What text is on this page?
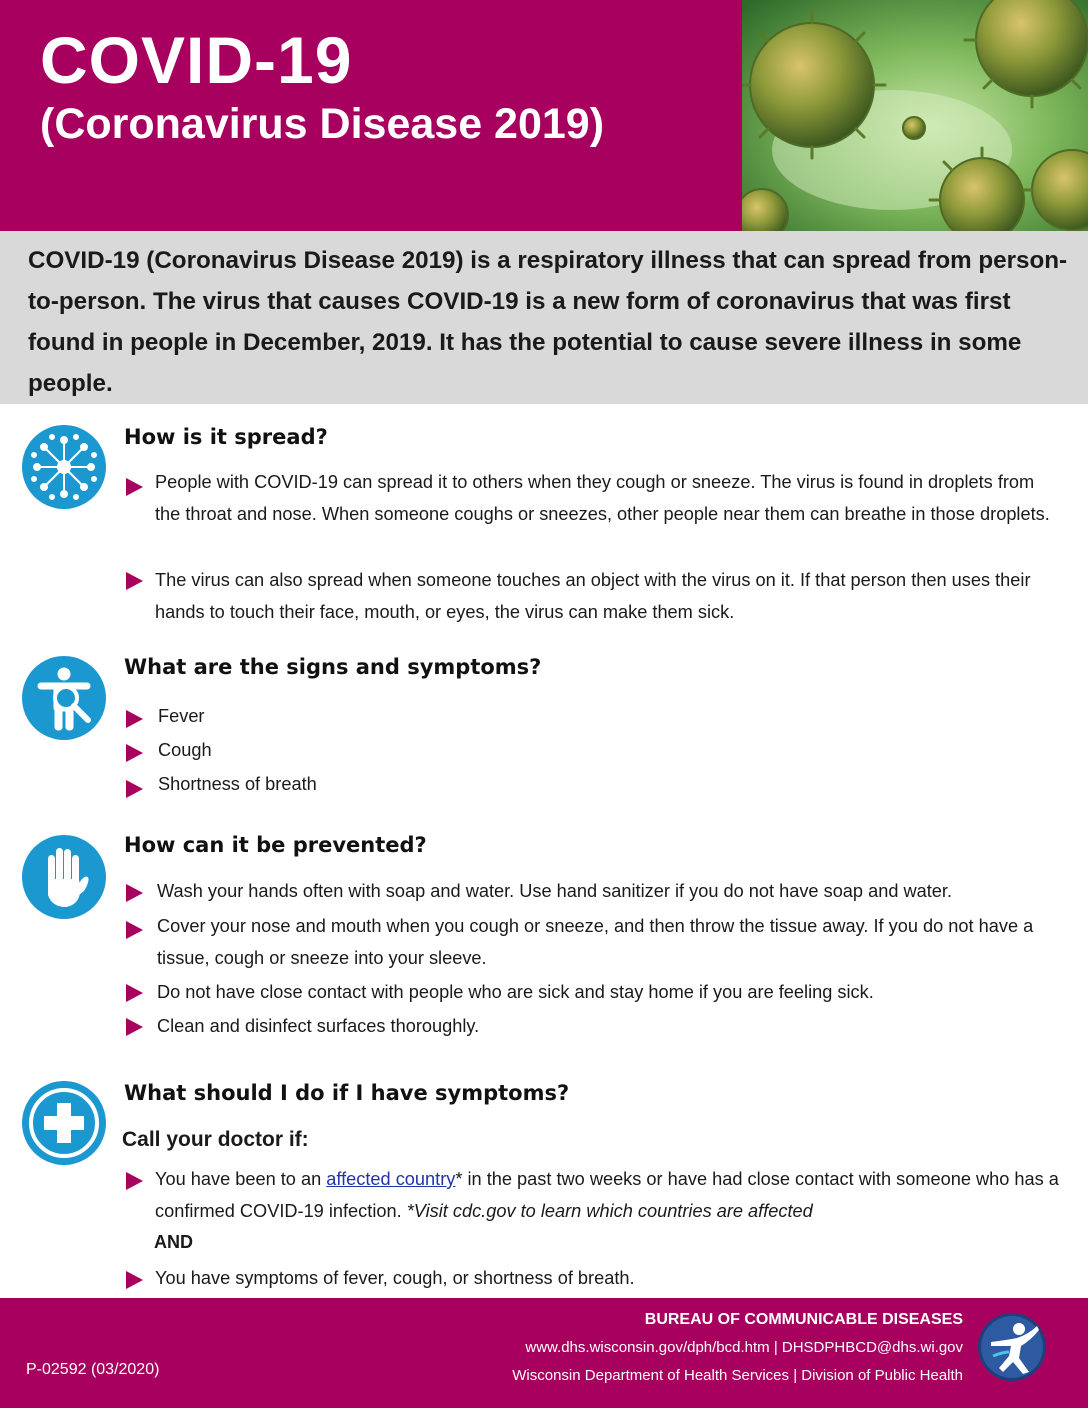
COVID-19
(Coronavirus Disease 2019)
COVID-19 (Coronavirus Disease 2019) is a respiratory illness that can spread from person-to-person. The virus that causes COVID-19 is a new form of coronavirus that was first found in people in December, 2019. It has the potential to cause severe illness in some people.
How is it spread?
People with COVID-19 can spread it to others when they cough or sneeze. The virus is found in droplets from the throat and nose. When someone coughs or sneezes, other people near them can breathe in those droplets.
The virus can also spread when someone touches an object with the virus on it. If that person then uses their hands to touch their face, mouth, or eyes, the virus can make them sick.
What are the signs and symptoms?
Fever
Cough
Shortness of breath
How can it be prevented?
Wash your hands often with soap and water. Use hand sanitizer if you do not have soap and water.
Cover your nose and mouth when you cough or sneeze, and then throw the tissue away. If you do not have a tissue, cough or sneeze into your sleeve.
Do not have close contact with people who are sick and stay home if you are feeling sick.
Clean and disinfect surfaces thoroughly.
What should I do if I have symptoms?
Call your doctor if:
You have been to an affected country* in the past two weeks or have had close contact with someone who has a confirmed COVID-19 infection. *Visit cdc.gov to learn which countries are affected
AND
You have symptoms of fever, cough, or shortness of breath.
BUREAU OF COMMUNICABLE DISEASES
www.dhs.wisconsin.gov/dph/bcd.htm | DHSDPHBCD@dhs.wi.gov
Wisconsin Department of Health Services | Division of Public Health
P-02592 (03/2020)
